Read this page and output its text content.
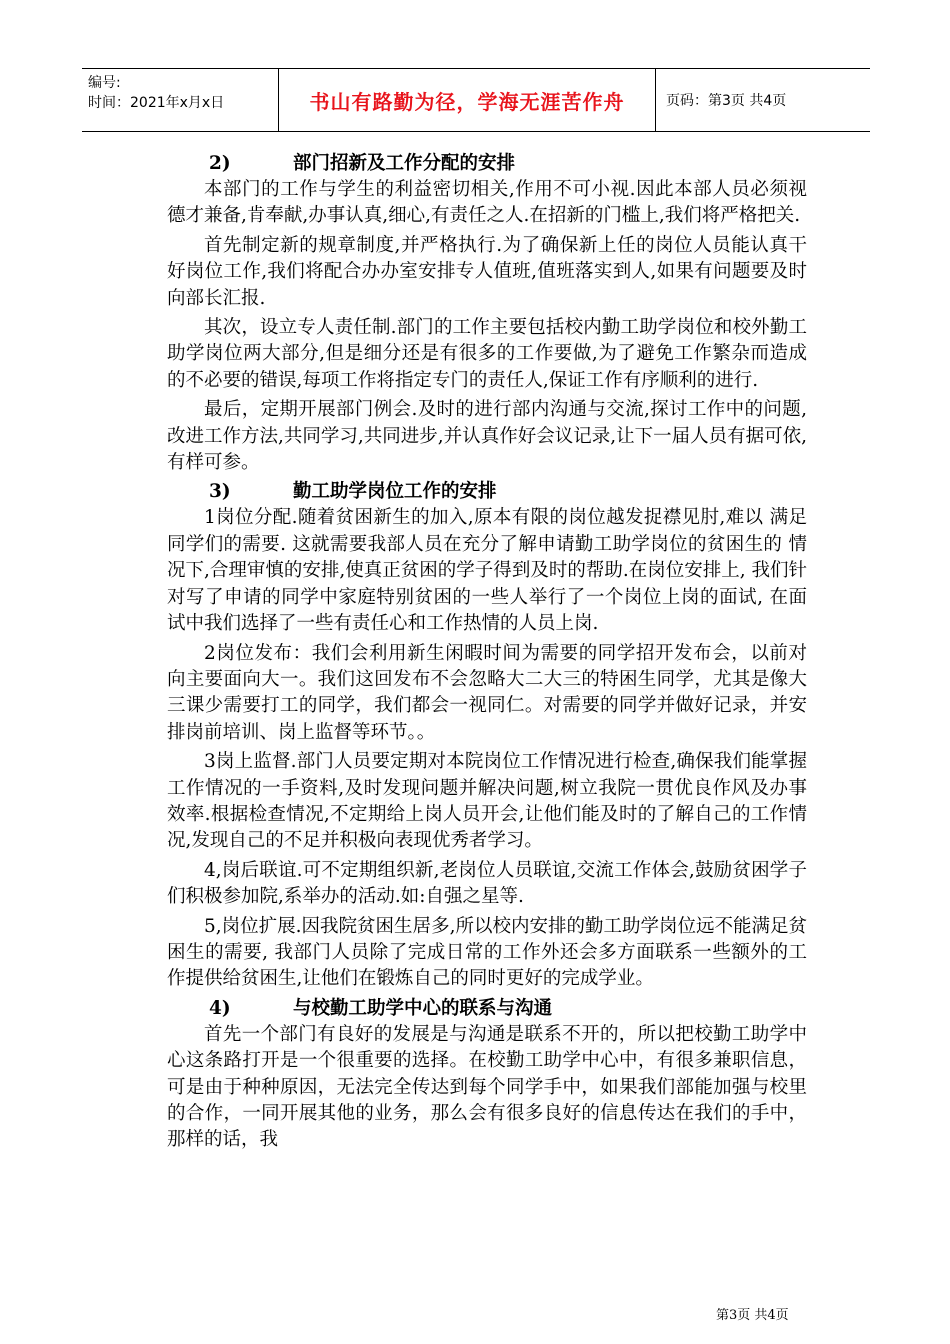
编号:
时间：2021年x月x日	书山有路勤为径，学海无涯苦作舟	页码：第3页 共4页
2)	部门招新及工作分配的安排

本部门的工作与学生的利益密切相关,作用不可小视.因此本部人员必须视德才兼备,肯奉献,办事认真,细心,有责任之人.在招新的门槛上,我们将严格把关.

首先制定新的规章制度,并严格执行.为了确保新上任的岗位人员能认真干好岗位工作,我们将配合办办室安排专人值班,值班落实到人,如果有问题要及时向部长汇报.

其次，设立专人责任制.部门的工作主要包括校内勤工助学岗位和校外勤工助学岗位两大部分,但是细分还是有很多的工作要做,为了避免工作繁杂而造成的不必要的错误,每项工作将指定专门的责任人,保证工作有序顺利的进行.

最后，定期开展部门例会.及时的进行部内沟通与交流,探讨工作中的问题, 改进工作方法,共同学习,共同进步,并认真作好会议记录,让下一届人员有据可依,有样可参。

3)	勤工助学岗位工作的安排

1岗位分配.随着贫困新生的加入,原本有限的岗位越发捉襟见肘,难以 满足同学们的需要. 这就需要我部人员在充分了解申请勤工助学岗位的贫困生的 情况下,合理审慎的安排,使真正贫困的学子得到及时的帮助.在岗位安排上, 我们针对写了申请的同学中家庭特别贫困的一些人举行了一个岗位上岗的面试, 在面试中我们选择了一些有责任心和工作热情的人员上岗.

2岗位发布：我们会利用新生闲暇时间为需要的同学招开发布会，以前对向主要面向大一。我们这回发布不会忽略大二大三的特困生同学，尤其是像大三课少需要打工的同学，我们都会一视同仁。对需要的同学并做好记录，并安排岗前培训、岗上监督等环节。。

3岗上监督.部门人员要定期对本院岗位工作情况进行检查,确保我们能掌握工作情况的一手资料,及时发现问题并解决问题,树立我院一贯优良作风及办事效率.根据检查情况,不定期给上岗人员开会,让他们能及时的了解自己的工作情况,发现自己的不足并积极向表现优秀者学习。

4,岗后联谊.可不定期组织新,老岗位人员联谊,交流工作体会,鼓励贫困学子们积极参加院,系举办的活动.如:自强之星等.

5,岗位扩展.因我院贫困生居多,所以校内安排的勤工助学岗位远不能满足贫困生的需要, 我部门人员除了完成日常的工作外还会多方面联系一些额外的工作提供给贫困生,让他们在锻炼自己的同时更好的完成学业。

4)	与校勤工助学中心的联系与沟通

首先一个部门有良好的发展是与沟通是联系不开的，所以把校勤工助学中心这条路打开是一个很重要的选择。在校勤工助学中心中，有很多兼职信息，可是由于种种原因，无法完全传达到每个同学手中，如果我们部能加强与校里的合作，一同开展其他的业务，那么会有很多良好的信息传达在我们的手中，那样的话，我

第3页 共4页
